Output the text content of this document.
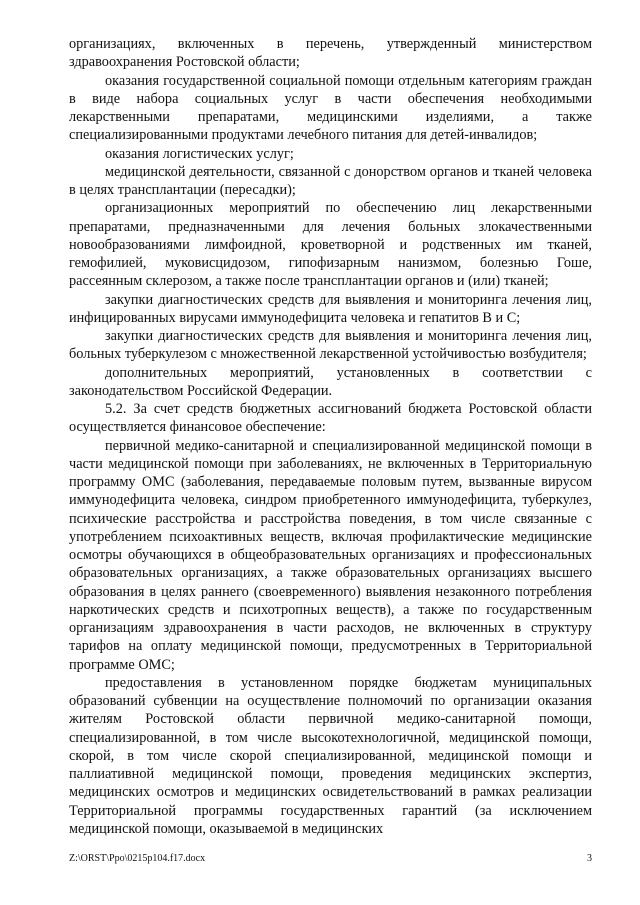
организациях, включенных в перечень, утвержденный министерством здравоохранения Ростовской области;

оказания государственной социальной помощи отдельным категориям граждан в виде набора социальных услуг в части обеспечения необходимыми лекарственными препаратами, медицинскими изделиями, а также специализированными продуктами лечебного питания для детей-инвалидов;

оказания логистических услуг;

медицинской деятельности, связанной с донорством органов и тканей человека в целях трансплантации (пересадки);

организационных мероприятий по обеспечению лиц лекарственными препаратами, предназначенными для лечения больных злокачественными новообразованиями лимфоидной, кроветворной и родственных им тканей, гемофилией, муковисцидозом, гипофизарным нанизмом, болезнью Гоше, рассеянным склерозом, а также после трансплантации органов и (или) тканей;

закупки диагностических средств для выявления и мониторинга лечения лиц, инфицированных вирусами иммунодефицита человека и гепатитов B и C;

закупки диагностических средств для выявления и мониторинга лечения лиц, больных туберкулезом с множественной лекарственной устойчивостью возбудителя;

дополнительных мероприятий, установленных в соответствии с законодательством Российской Федерации.

5.2. За счет средств бюджетных ассигнований бюджета Ростовской области осуществляется финансовое обеспечение:

первичной медико-санитарной и специализированной медицинской помощи в части медицинской помощи при заболеваниях, не включенных в Территориальную программу ОМС (заболевания, передаваемые половым путем, вызванные вирусом иммунодефицита человека, синдром приобретенного иммунодефицита, туберкулез, психические расстройства и расстройства поведения, в том числе связанные с употреблением психоактивных веществ, включая профилактические медицинские осмотры обучающихся в общеобразовательных организациях и профессиональных образовательных организациях, а также образовательных организациях высшего образования в целях раннего (своевременного) выявления незаконного потребления наркотических средств и психотропных веществ), а также по государственным организациям здравоохранения в части расходов, не включенных в структуру тарифов на оплату медицинской помощи, предусмотренных в Территориальной программе ОМС;

предоставления в установленном порядке бюджетам муниципальных образований субвенции на осуществление полномочий по организации оказания жителям Ростовской области первичной медико-санитарной помощи, специализированной, в том числе высокотехнологичной, медицинской помощи, скорой, в том числе скорой специализированной, медицинской помощи и паллиативной медицинской помощи, проведения медицинских экспертиз, медицинских осмотров и медицинских освидетельствований в рамках реализации Территориальной программы государственных гарантий (за исключением медицинской помощи, оказываемой в медицинских

Z:\ORST\Ppo\0215p104.f17.docx	3
